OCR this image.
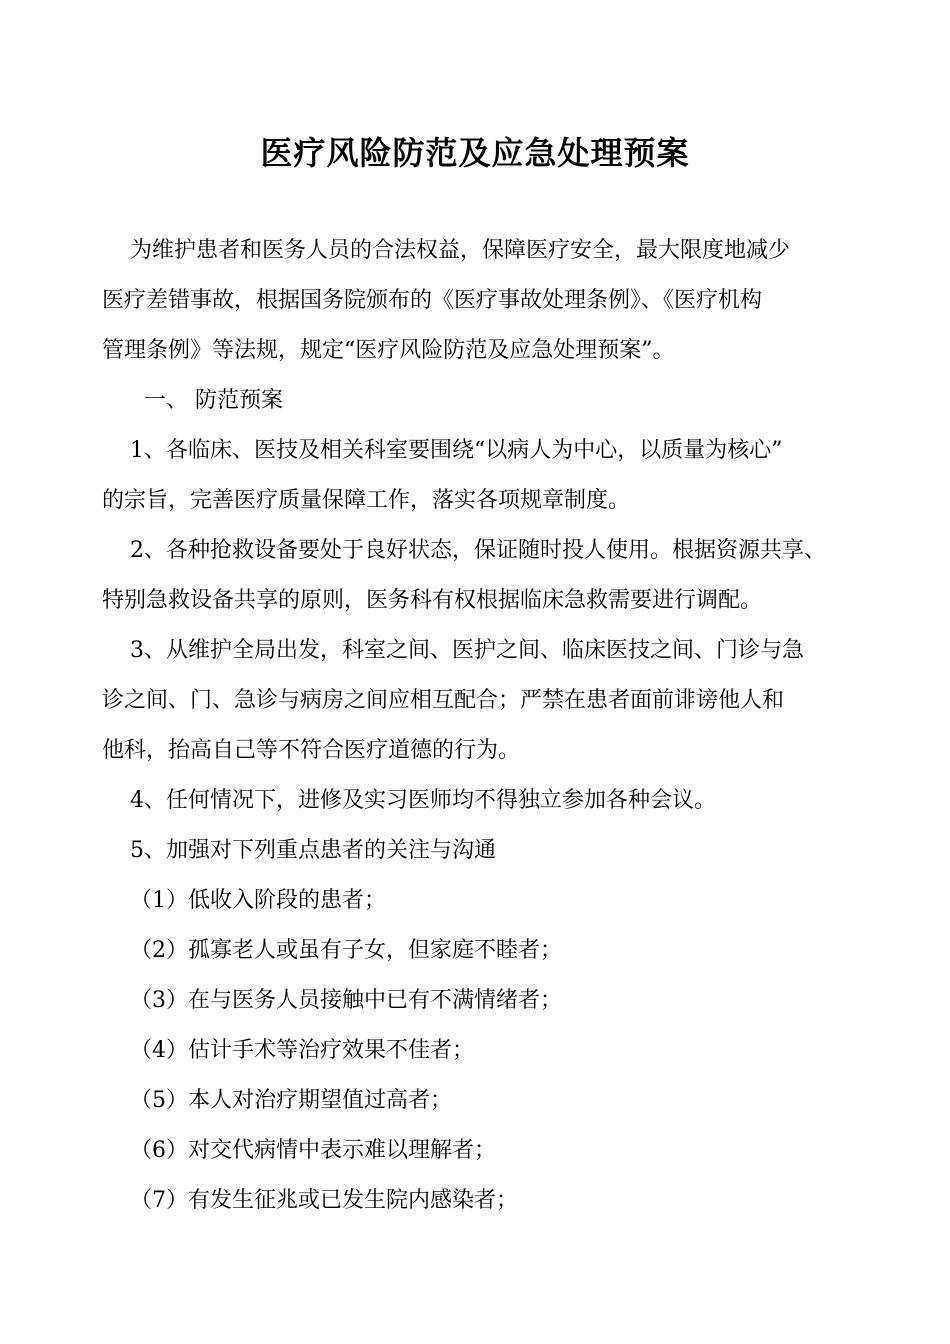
医疗风险防范及应急处理预案
为维护患者和医务人员的合法权益，保障医疗安全，最大限度地减少
医疗差错事故，根据国务院颁布的《医疗事故处理条例》、《医疗机构
管理条例》等法规，规定“医疗风险防范及应急处理预案”。
一、 防范预案
1、各临床、医技及相关科室要围绕“以病人为中心，以质量为核心”
的宗旨，完善医疗质量保障工作，落实各项规章制度。
2、各种抢救设备要处于良好状态，保证随时投人使用。根据资源共享、
特别急救设备共享的原则，医务科有权根据临床急救需要进行调配。
3、从维护全局出发，科室之间、医护之间、临床医技之间、门诊与急
诊之间、门、急诊与病房之间应相互配合；严禁在患者面前诽谤他人和
他科，抬高自己等不符合医疗道德的行为。
4、任何情况下，进修及实习医师均不得独立参加各种会议。
5、加强对下列重点患者的关注与沟通
（1）低收入阶段的患者；
（2）孤寡老人或虽有子女，但家庭不睦者；
（3）在与医务人员接触中已有不满情绪者；
（4）估计手术等治疗效果不佳者；
（5）本人对治疗期望值过高者；
（6）对交代病情中表示难以理解者；
（7）有发生征兆或已发生院内感染者；
